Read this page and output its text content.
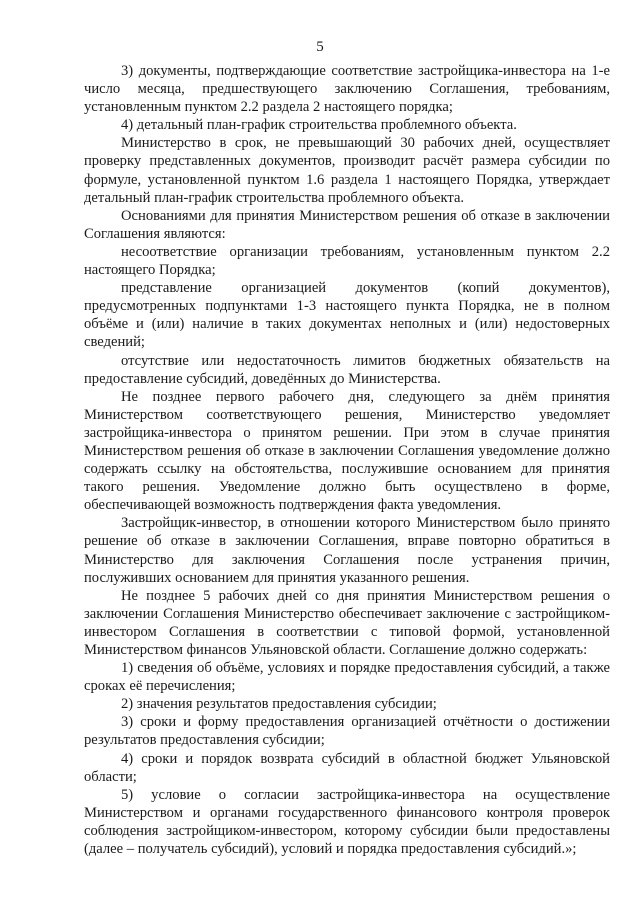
5

3) документы, подтверждающие соответствие застройщика-инвестора на 1-е число месяца, предшествующего заключению Соглашения, требованиям, установленным пунктом 2.2 раздела 2 настоящего порядка;

4) детальный план-график строительства проблемного объекта.

Министерство в срок, не превышающий 30 рабочих дней, осуществляет проверку представленных документов, производит расчёт размера субсидии по формуле, установленной пунктом 1.6 раздела 1 настоящего Порядка, утверждает детальный план-график строительства проблемного объекта.

Основаниями для принятия Министерством решения об отказе в заключении Соглашения являются:

несоответствие организации требованиям, установленным пунктом 2.2 настоящего Порядка;

представление организацией документов (копий документов), предусмотренных подпунктами 1-3 настоящего пункта Порядка, не в полном объёме и (или) наличие в таких документах неполных и (или) недостоверных сведений;

отсутствие или недостаточность лимитов бюджетных обязательств на предоставление субсидий, доведённых до Министерства.

Не позднее первого рабочего дня, следующего за днём принятия Министерством соответствующего решения, Министерство уведомляет застройщика-инвестора о принятом решении. При этом в случае принятия Министерством решения об отказе в заключении Соглашения уведомление должно содержать ссылку на обстоятельства, послужившие основанием для принятия такого решения. Уведомление должно быть осуществлено в форме, обеспечивающей возможность подтверждения факта уведомления.

Застройщик-инвестор, в отношении которого Министерством было принято решение об отказе в заключении Соглашения, вправе повторно обратиться в Министерство для заключения Соглашения после устранения причин, послуживших основанием для принятия указанного решения.

Не позднее 5 рабочих дней со дня принятия Министерством решения о заключении Соглашения Министерство обеспечивает заключение с застройщиком-инвестором Соглашения в соответствии с типовой формой, установленной Министерством финансов Ульяновской области. Соглашение должно содержать:

1) сведения об объёме, условиях и порядке предоставления субсидий, а также сроках её перечисления;

2) значения результатов предоставления субсидии;

3) сроки и форму предоставления организацией отчётности о достижении результатов предоставления субсидии;

4) сроки и порядок возврата субсидий в областной бюджет Ульяновской области;

5) условие о согласии застройщика-инвестора на осуществление Министерством и органами государственного финансового контроля проверок соблюдения застройщиком-инвестором, которому субсидии были предоставлены (далее – получатель субсидий), условий и порядка предоставления субсидий.»;
